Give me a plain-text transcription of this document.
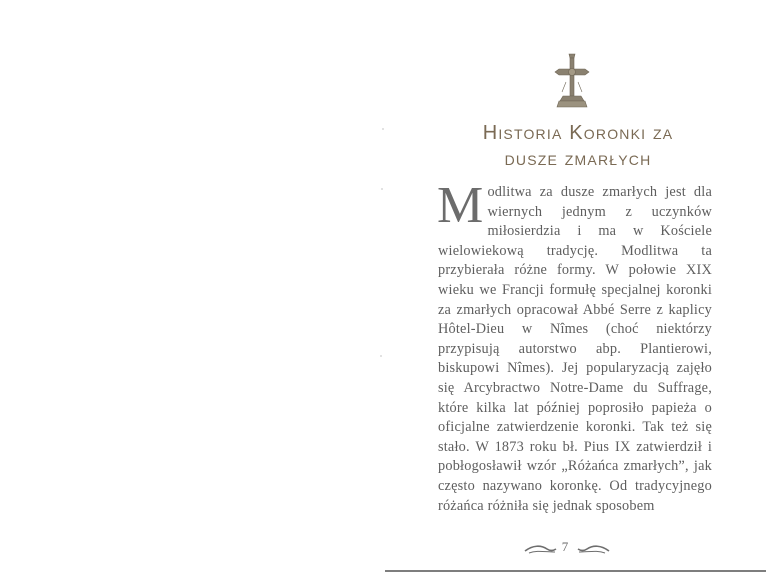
Historia Koronki za
dusze zmarłych
Modlitwa za dusze zmarłych jest dla wiernych jednym z uczynków miłosierdzia i ma w Kościele wielowiekową tradycję. Modlitwa ta przybierała różne formy. W połowie XIX wieku we Francji formułę specjalnej koronki za zmarłych opracował Abbé Serre z kaplicy Hôtel-Dieu w Nîmes (choć niektórzy przypisują autorstwo abp. Plantierowi, biskupowi Nîmes). Jej popularyzacją zajęło się Arcybractwo Notre-Dame du Suffrage, które kilka lat później poprosiło papieża o oficjalne zatwierdzenie koronki. Tak też się stało. W 1873 roku bł. Pius IX zatwierdził i pobłogosławił wzór „Różańca zmarłych”, jak często nazywano koronkę. Od tradycyjnego różańca różniła się jednak sposobem
7
